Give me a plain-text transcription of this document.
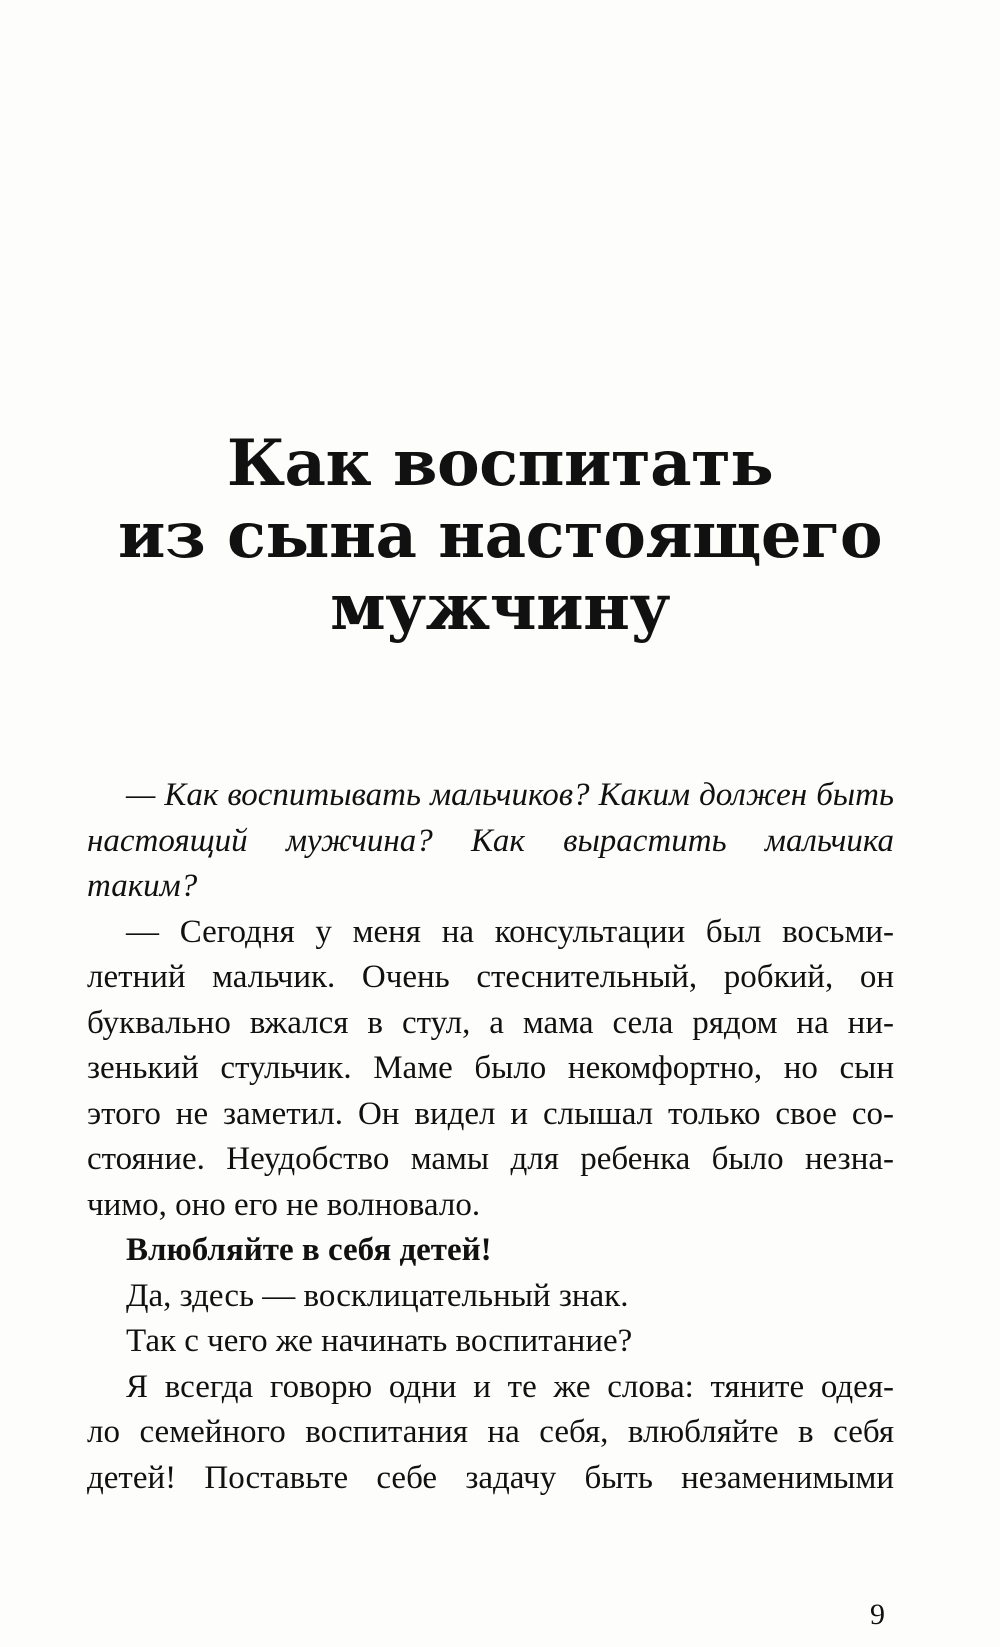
Как воспитать
из сына настоящего
мужчину

— Как воспитывать мальчиков? Каким должен быть
настоящий мужчина? Как вырастить мальчика
таким?

— Сегодня у меня на консультации был восьми-
летний мальчик. Очень стеснительный, робкий, он
буквально вжался в стул, а мама села рядом на ни-
зенький стульчик. Маме было некомфортно, но сын
этого не заметил. Он видел и слышал только свое со-
стояние. Неудобство мамы для ребенка было незна-
чимо, оно его не волновало.

Влюбляйте в себя детей!

Да, здесь — восклицательный знак.

Так с чего же начинать воспитание?

Я всегда говорю одни и те же слова: тяните одея-
ло семейного воспитания на себя, влюбляйте в себя
детей! Поставьте себе задачу быть незаменимыми

9
